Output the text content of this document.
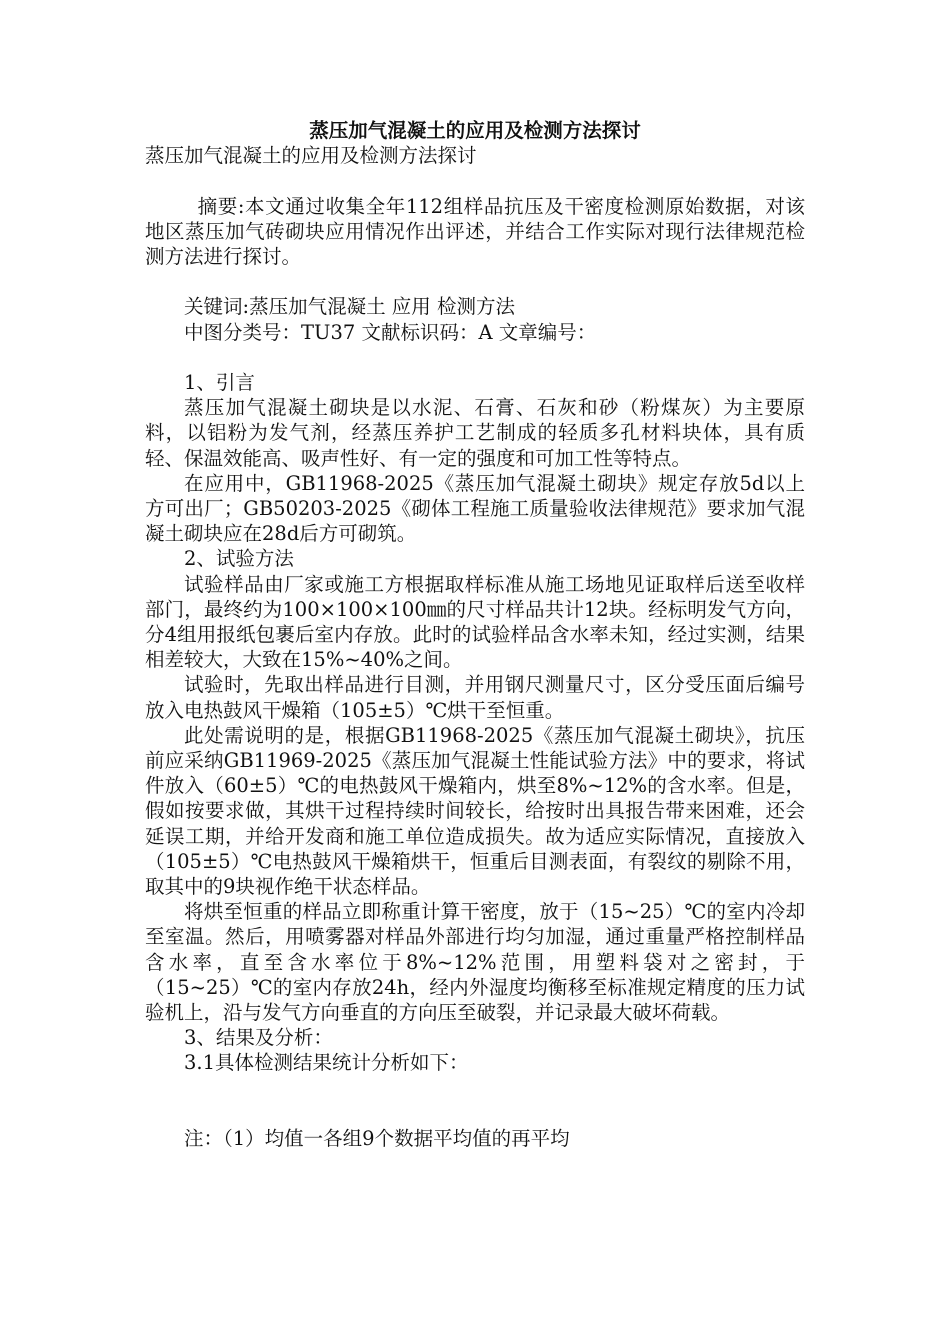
蒸压加气混凝土的应用及检测方法探讨

蒸压加气混凝土的应用及检测方法探讨

摘要:本文通过收集全年112组样品抗压及干密度检测原始数据，对该地区蒸压加气砖砌块应用情况作出评述，并结合工作实际对现行法律规范检测方法进行探讨。

关键词:蒸压加气混凝土 应用 检测方法

中图分类号：TU37 文献标识码：A 文章编号：

1、引言

蒸压加气混凝土砌块是以水泥、石膏、石灰和砂（粉煤灰）为主要原料，以铝粉为发气剂，经蒸压养护工艺制成的轻质多孔材料块体，具有质轻、保温效能高、吸声性好、有一定的强度和可加工性等特点。

在应用中，GB11968-2025《蒸压加气混凝土砌块》规定存放5d以上方可出厂；GB50203-2025《砌体工程施工质量验收法律规范》要求加气混凝土砌块应在28d后方可砌筑。

2、试验方法

试验样品由厂家或施工方根据取样标准从施工场地见证取样后送至收样部门，最终约为100×100×100㎜的尺寸样品共计12块。经标明发气方向，分4组用报纸包裹后室内存放。此时的试验样品含水率未知，经过实测，结果相差较大，大致在15%~40%之间。

试验时，先取出样品进行目测，并用钢尺测量尺寸，区分受压面后编号放入电热鼓风干燥箱（105±5）℃烘干至恒重。

此处需说明的是，根据GB11968-2025《蒸压加气混凝土砌块》，抗压前应采纳GB11969-2025《蒸压加气混凝土性能试验方法》中的要求，将试件放入（60±5）℃的电热鼓风干燥箱内，烘至8%~12%的含水率。但是，假如按要求做，其烘干过程持续时间较长，给按时出具报告带来困难，还会延误工期，并给开发商和施工单位造成损失。故为适应实际情况，直接放入（105±5）℃电热鼓风干燥箱烘干，恒重后目测表面，有裂纹的剔除不用，取其中的9块视作绝干状态样品。

将烘至恒重的样品立即称重计算干密度，放于（15~25）℃的室内冷却至室温。然后，用喷雾器对样品外部进行均匀加湿，通过重量严格控制样品含水率，直至含水率位于8%~12%范围，用塑料袋对之密封，于（15~25）℃的室内存放24h，经内外湿度均衡移至标准规定精度的压力试验机上，沿与发气方向垂直的方向压至破裂，并记录最大破坏荷载。

3、结果及分析：

3.1具体检测结果统计分析如下：

注：（1）均值一各组9个数据平均值的再平均
